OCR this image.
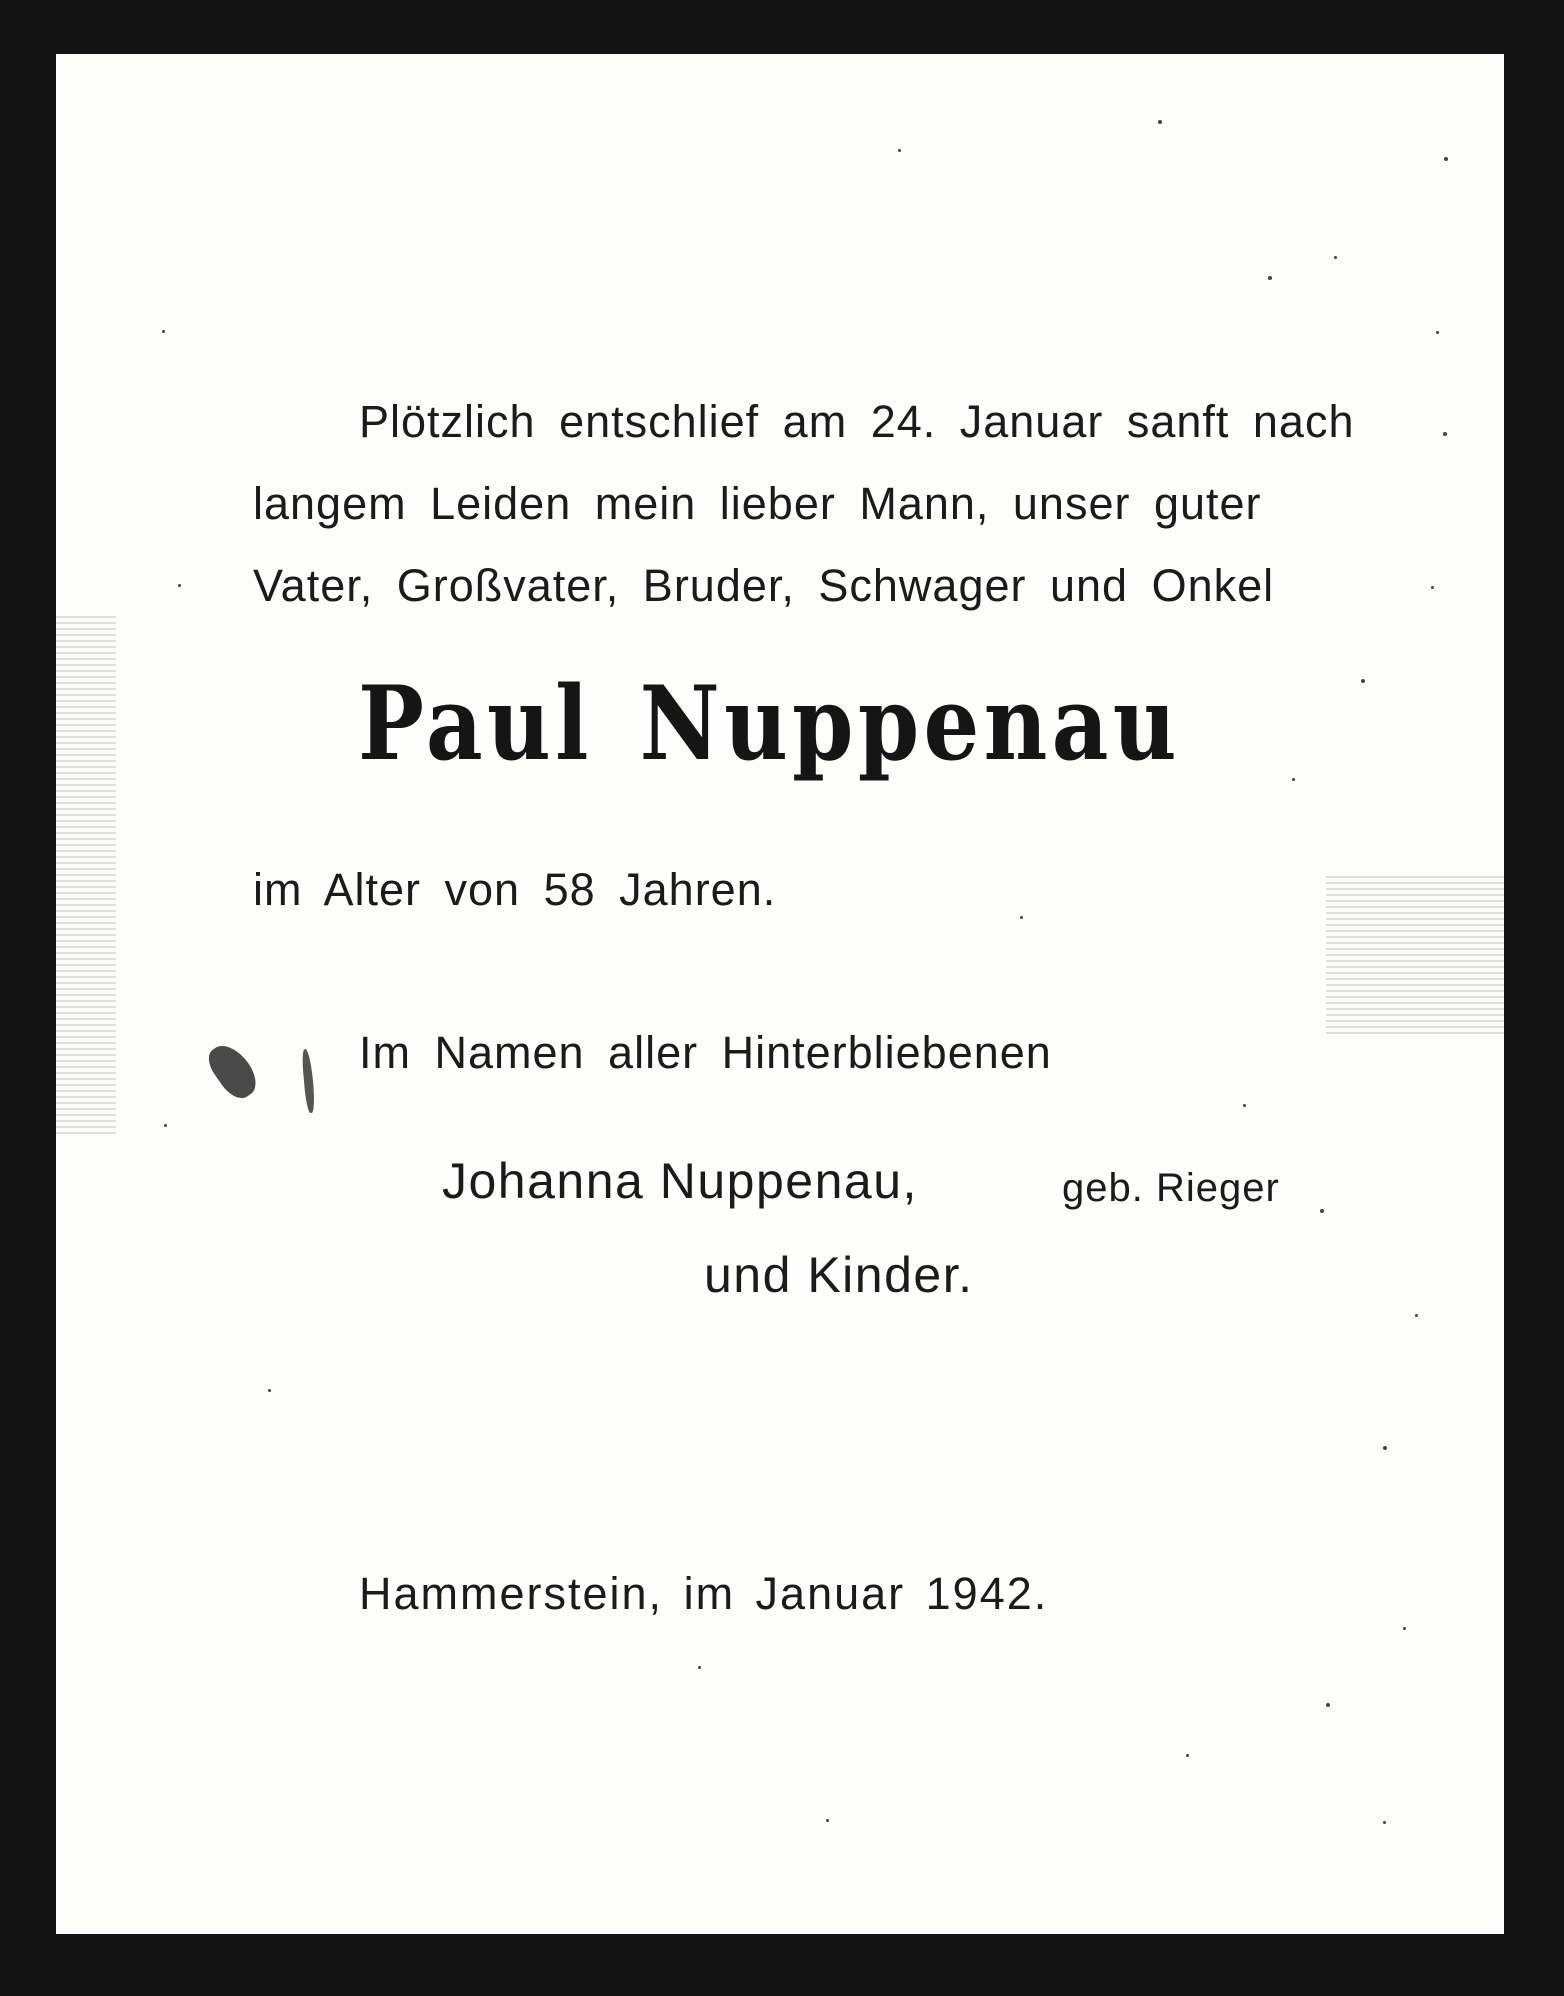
Plötzlich entschlief am 24. Januar sanft nach
langem Leiden mein lieber Mann, unser guter
Vater, Großvater, Bruder, Schwager und Onkel
Paul Nuppenau
im Alter von 58 Jahren.
Im Namen aller Hinterbliebenen
Johanna Nuppenau,	geb. Rieger
und Kinder.
Hammerstein, im Januar 1942.
